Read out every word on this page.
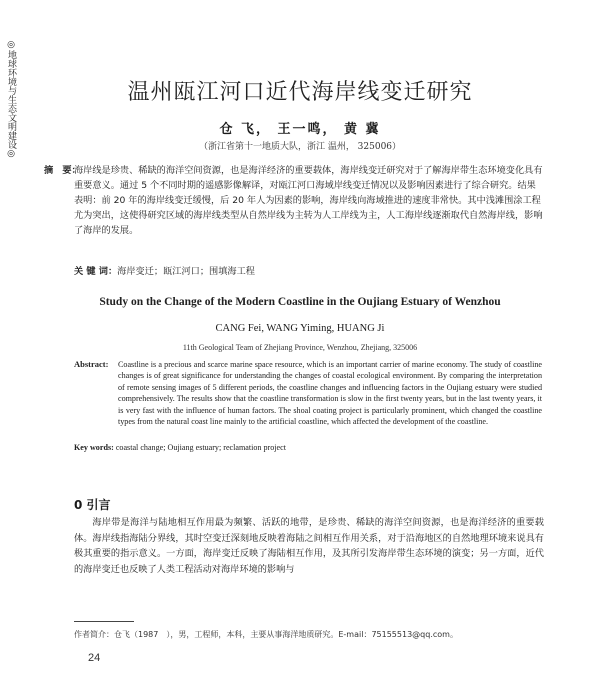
◎地球环境与生态文明建设◎	温州瓯江河口近代海岸线变迁研究
仓 飞， 王一鸣， 黄 冀
（浙江省第十一地质大队，浙江 温州， 325006）
摘　要：
海岸线是珍贵、稀缺的海洋空间资源，也是海洋经济的重要载体，海岸线变迁研究对于了解海岸带生态环境变化具有重要意义。通过 5 个不同时期的遥感影像解译，对瓯江河口海域岸线变迁情况以及影响因素进行了综合研究。结果表明：前 20 年的海岸线变迁缓慢，后 20 年人为因素的影响，海岸线向海域推进的速度非常快。其中浅滩围涂工程尤为突出，这使得研究区域的海岸线类型从自然岸线为主转为人工岸线为主，人工海岸线逐渐取代自然海岸线，影响了海岸的发展。
关 键 词：海岸变迁；瓯江河口；围填海工程
Study on the Change of the Modern Coastline in the Oujiang Estuary of Wenzhou
CANG Fei, WANG Yiming, HUANG Ji
11th Geological Team of Zhejiang Province, Wenzhou, Zhejiang, 325006
Abstract: Coastline is a precious and scarce marine space resource, which is an important carrier of marine economy. The study of coastline changes is of great significance for understanding the changes of coastal ecological environment. By comparing the interpretation of remote sensing images of 5 different periods, the coastline changes and influencing factors in the Oujiang estuary were studied comprehensively. The results show that the coastline transformation is slow in the first twenty years, but in the last twenty years, it is very fast with the influence of human factors. The shoal coating project is particularly prominent, which changed the coastline types from the natural coast line mainly to the artificial coastline, which affected the development of the coastline.
Key words: coastal change; Oujiang estuary; reclamation project
0 引言
海岸带是海洋与陆地相互作用最为频繁、活跃的地带，是珍贵、稀缺的海洋空间资源，也是海洋经济的重要载体。海岸线指海陆分界线，其时空变迁深刻地反映着海陆之间相互作用关系，对于沿海地区的自然地理环境来说具有极其重要的指示意义。一方面，海岸变迁反映了海陆相互作用，及其所引发海岸带生态环境的演变；另一方面，近代的海岸变迁也反映了人类工程活动对海岸环境的影响与
作者简介：仓飞（1987　），男，工程师，本科，主要从事海洋地质研究。E-mail：75155513@qq.com。
24
